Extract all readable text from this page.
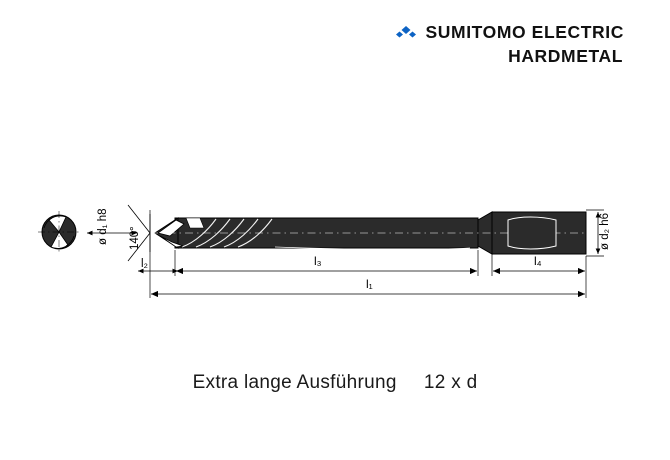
SUMITOMO ELECTRIC
HARDMETAL
ø d₁ h8 140°	ø d₂ h6
l₂	l₃	l₄
l₁
Extra lange Ausführung 12 x d
